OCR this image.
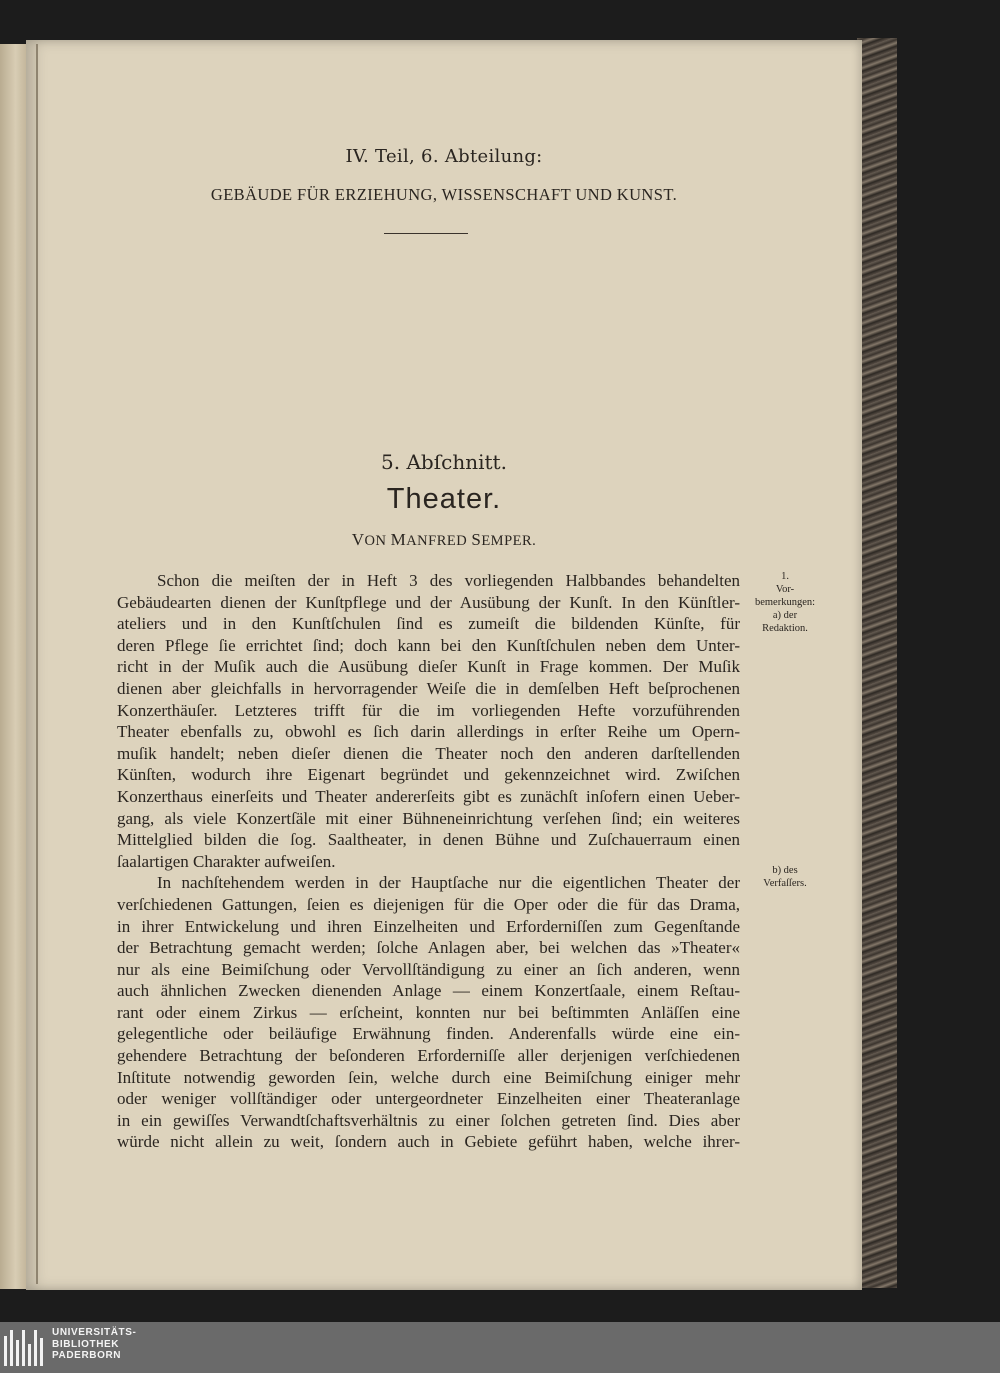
IV. Teil, 6. Abteilung:
GEBÄUDE FÜR ERZIEHUNG, WISSENSCHAFT UND KUNST.
5. Abſchnitt.
Theater.
VON MANFRED SEMPER.
Schon die meiſten der in Heft 3 des vorliegenden Halbbandes behandelten
Gebäudearten dienen der Kunſtpflege und der Ausübung der Kunſt. In den Künſtler-
ateliers und in den Kunſtſchulen ſind es zumeiſt die bildenden Künſte, für
deren Pflege ſie errichtet ſind; doch kann bei den Kunſtſchulen neben dem Unter-
richt in der Muſik auch die Ausübung dieſer Kunſt in Frage kommen. Der Muſik
dienen aber gleichfalls in hervorragender Weiſe die in demſelben Heft beſprochenen
Konzerthäuſer. Letzteres trifft für die im vorliegenden Hefte vorzuführenden
Theater ebenfalls zu, obwohl es ſich darin allerdings in erſter Reihe um Opern-
muſik handelt; neben dieſer dienen die Theater noch den anderen darſtellenden
Künſten, wodurch ihre Eigenart begründet und gekennzeichnet wird. Zwiſchen
Konzerthaus einerſeits und Theater andererſeits gibt es zunächſt inſofern einen Ueber-
gang, als viele Konzertſäle mit einer Bühneneinrichtung verſehen ſind; ein weiteres
Mittelglied bilden die ſog. Saaltheater, in denen Bühne und Zuſchauerraum einen
ſaalartigen Charakter aufweiſen.
In nachſtehendem werden in der Hauptſache nur die eigentlichen Theater der
verſchiedenen Gattungen, ſeien es diejenigen für die Oper oder die für das Drama,
in ihrer Entwickelung und ihren Einzelheiten und Erforderniſſen zum Gegenſtande
der Betrachtung gemacht werden; ſolche Anlagen aber, bei welchen das »Theater«
nur als eine Beimiſchung oder Vervollſtändigung zu einer an ſich anderen, wenn
auch ähnlichen Zwecken dienenden Anlage — einem Konzertſaale, einem Reſtau-
rant oder einem Zirkus — erſcheint, konnten nur bei beſtimmten Anläſſen eine
gelegentliche oder beiläufige Erwähnung finden. Anderenfalls würde eine ein-
gehendere Betrachtung der beſonderen Erforderniſſe aller derjenigen verſchiedenen
Inſtitute notwendig geworden ſein, welche durch eine Beimiſchung einiger mehr
oder weniger vollſtändiger oder untergeordneter Einzelheiten einer Theateranlage
in ein gewiſſes Verwandtſchaftsverhältnis zu einer ſolchen getreten ſind. Dies aber
würde nicht allein zu weit, ſondern auch in Gebiete geführt haben, welche ihrer-
1.
Vor-
bemerkungen:
a) der
Redaktion.
b) des
Verfaſſers.
UNIVERSITÄTS-
BIBLIOTHEK
PADERBORN
